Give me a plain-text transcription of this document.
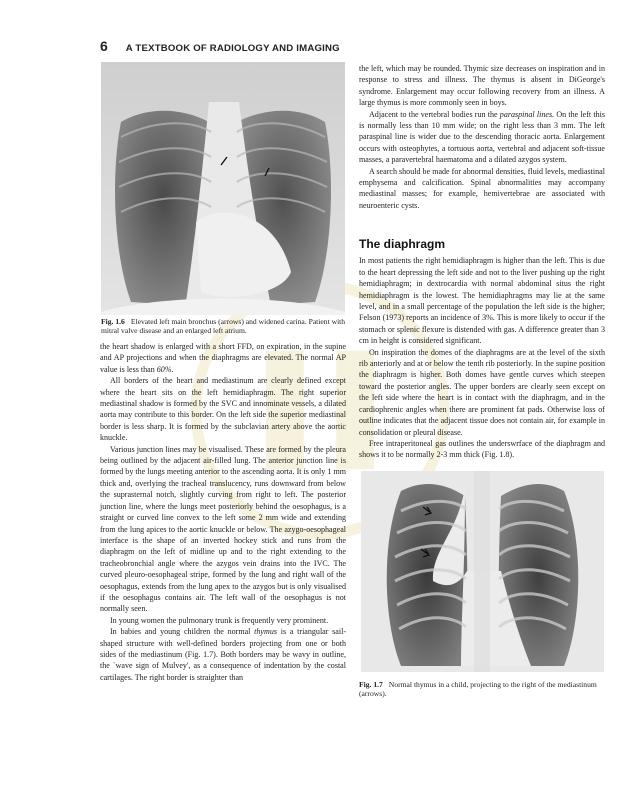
6 A TEXTBOOK OF RADIOLOGY AND IMAGING
Fig. 1.6 Elevated left main bronchus (arrows) and widened carina. Patient with mitral valve disease and an enlarged left atrium.

the heart shadow is enlarged with a short FFD, on expiration, in the supine and AP projections and when the diaphragms are elevated. The normal AP value is less than 60%.

All borders of the heart and mediastinum are clearly defined except where the heart sits on the left hemidiaphragm. The right superior mediastinal shadow is formed by the SVC and innominate vessels, a dilated aorta may contribute to this border. On the left side the superior mediastinal border is less sharp. It is formed by the subclavian artery above the aortic knuckle.

Various junction lines may be visualised. These are formed by the pleura being outlined by the adjacent air-filled lung. The anterior junction line is formed by the lungs meeting anterior to the ascending aorta. It is only 1 mm thick and, overlying the tracheal translucency, runs downward from below the suprasternal notch, slightly curving from right to left. The posterior junction line, where the lungs meet posteriorly behind the oesophagus, is a straight or curved line convex to the left some 2 mm wide and extending from the lung apices to the aortic knuckle or below. The azygo-oesophageal interface is the shape of an inverted hockey stick and runs from the diaphragm on the left of midline up and to the right extending to the tracheobronchial angle where the azygos vein drains into the IVC. The curved pleuro-oesophageal stripe, formed by the lung and right wall of the oesophagus, extends from the lung apex to the azygos but is only visualised if the oesophagus contains air. The left wall of the oesophagus is not normally seen.

In young women the pulmonary trunk is frequently very prominent.

In babies and young children the normal thymus is a triangular sail-shaped structure with well-defined borders projecting from one or both sides of the mediastinum (Fig. 1.7). Both borders may be wavy in outline, the `wave sign of Mulvey', as a consequence of indentation by the costal cartilages. The right border is straighter than

the left, which may be rounded. Thymic size decreases on inspiration and in response to stress and illness. The thymus is absent in DiGeorge's syndrome. Enlargement may occur following recovery from an illness. A large thymus is more commonly seen in boys.

Adjacent to the vertebral bodies run the paraspinal lines. On the left this is normally less than 10 mm wide; on the right less than 3 mm. The left paraspinal line is wider due to the descending thoracic aorta. Enlargement occurs with osteophytes, a tortuous aorta, vertebral and adjacent soft-tissue masses, a paravertebral haematoma and a dilated azygos system.

A search should be made for abnormal densities, fluid levels, mediastinal emphysema and calcification. Spinal abnormalities may accompany mediastinal masses; for example, hemivertebrae are associated with neuroenteric cysts.

The diaphragm

In most patients the right hemidiaphragm is higher than the left. This is due to the heart depressing the left side and not to the liver pushing up the right hemidiaphragm; in dextrocardia with normal abdominal situs the right hemidiaphragm is the lowest. The hemidiaphragms may lie at the same level, and in a small percentage of the population the left side is the higher; Felson (1973) reports an incidence of 3%. This is more likely to occur if the stomach or splenic flexure is distended with gas. A difference greater than 3 cm in height is considered significant.

On inspiration the domes of the diaphragms are at the level of the sixth rib anteriorly and at or below the tenth rib posteriorly. In the supine position the diaphragm is higher. Both domes have gentle curves which steepen toward the posterior angles. The upper borders are clearly seen except on the left side where the heart is in contact with the diaphragm, and in the cardiophrenic angles when there are prominent fat pads. Otherwise loss of outline indicates that the adjacent tissue does not contain air, for example in consolidation or pleural disease.

Free intraperitoneal gas outlines the underswrface of the diaphragm and shows it to be normally 2-3 mm thick (Fig. 1.8).

Fig. 1.7 Normal thymus in a child, projecting to the right of the mediastinum (arrows).
